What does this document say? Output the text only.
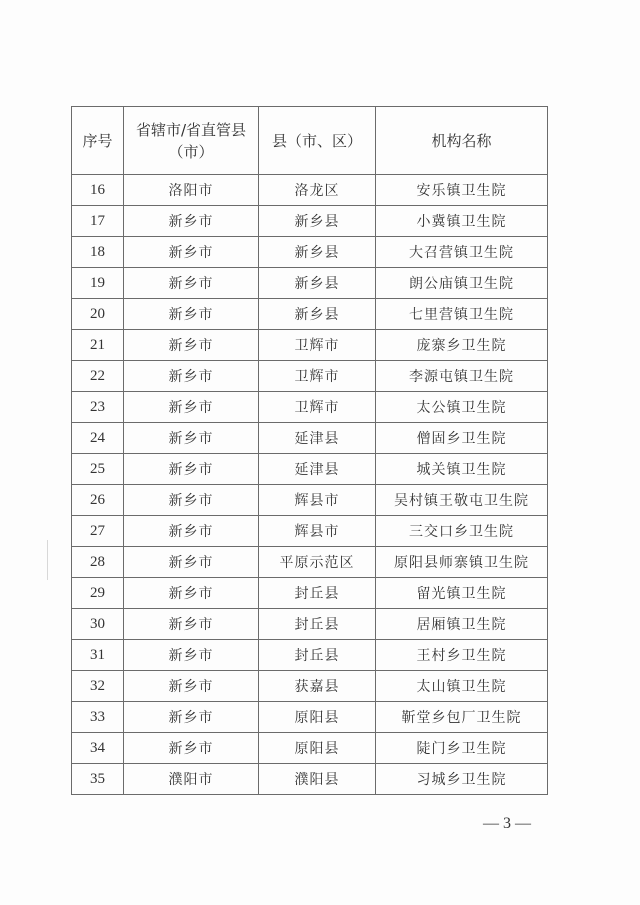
序号	省辖市/省直管县（市）	县（市、区）	机构名称
16	洛阳市	洛龙区	安乐镇卫生院
17	新乡市	新乡县	小冀镇卫生院
18	新乡市	新乡县	大召营镇卫生院
19	新乡市	新乡县	朗公庙镇卫生院
20	新乡市	新乡县	七里营镇卫生院
21	新乡市	卫辉市	庞寨乡卫生院
22	新乡市	卫辉市	李源屯镇卫生院
23	新乡市	卫辉市	太公镇卫生院
24	新乡市	延津县	僧固乡卫生院
25	新乡市	延津县	城关镇卫生院
26	新乡市	辉县市	吴村镇王敬屯卫生院
27	新乡市	辉县市	三交口乡卫生院
28	新乡市	平原示范区	原阳县师寨镇卫生院
29	新乡市	封丘县	留光镇卫生院
30	新乡市	封丘县	居厢镇卫生院
31	新乡市	封丘县	王村乡卫生院
32	新乡市	获嘉县	太山镇卫生院
33	新乡市	原阳县	靳堂乡包厂卫生院
34	新乡市	原阳县	陡门乡卫生院
35	濮阳市	濮阳县	习城乡卫生院
— 3 —
